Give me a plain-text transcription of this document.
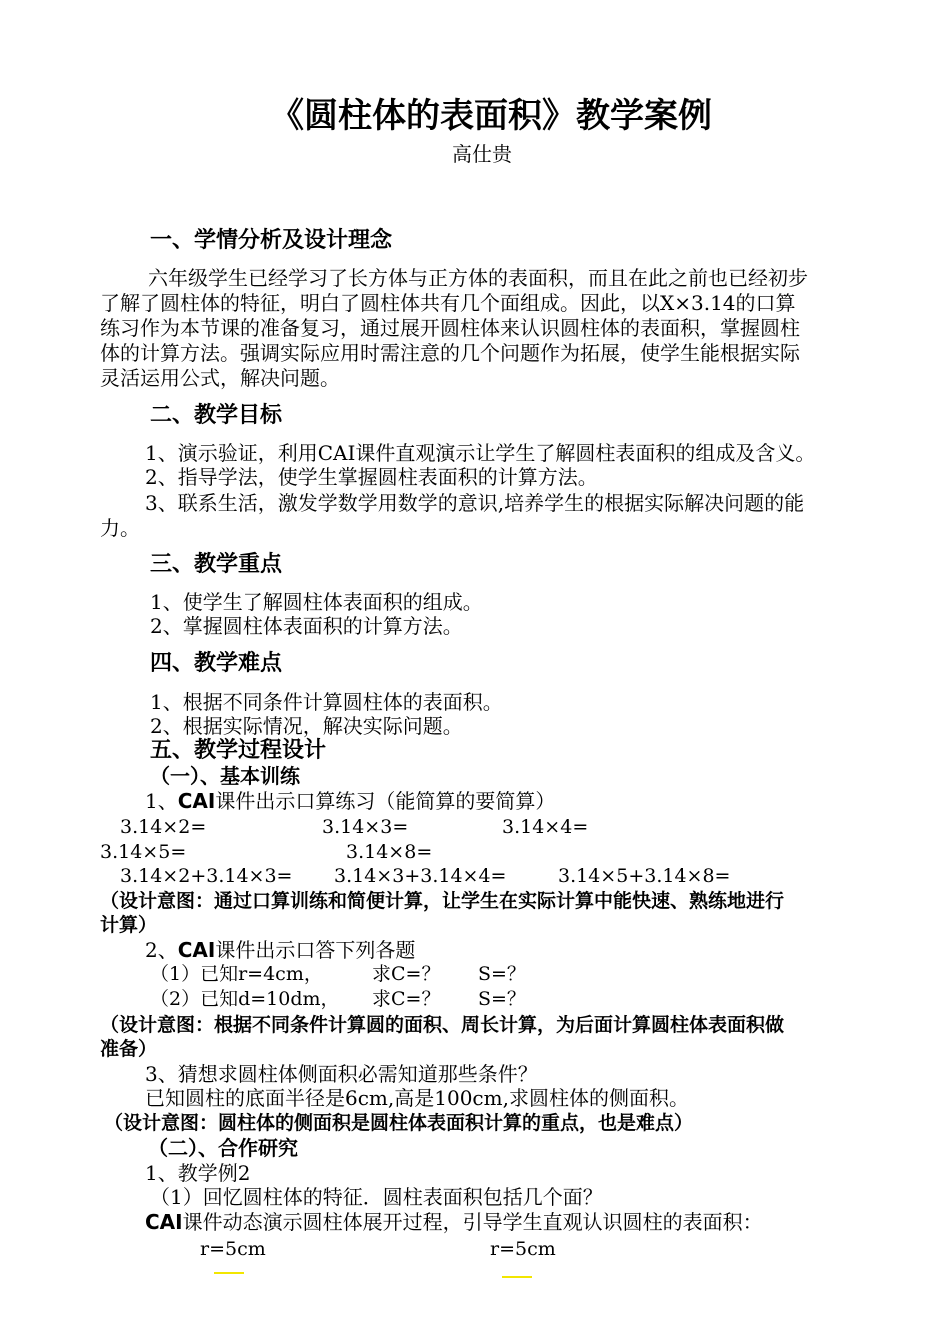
《圆柱体的表面积》教学案例
高仕贵
一、学情分析及设计理念
六年级学生已经学习了长方体与正方体的表面积，而且在此之前也已经初步
了解了圆柱体的特征，明白了圆柱体共有几个面组成。因此，以X×3.14的口算
练习作为本节课的准备复习，通过展开圆柱体来认识圆柱体的表面积，掌握圆柱
体的计算方法。强调实际应用时需注意的几个问题作为拓展，使学生能根据实际
灵活运用公式，解决问题。
二、教学目标
1、演示验证，利用CAI课件直观演示让学生了解圆柱表面积的组成及含义。
2、指导学法，使学生掌握圆柱表面积的计算方法。
3、联系生活，激发学数学用数学的意识,培养学生的根据实际解决问题的能
力。
三、教学重点
1、使学生了解圆柱体表面积的组成。
2、掌握圆柱体表面积的计算方法。
四、教学难点
1、根据不同条件计算圆柱体的表面积。
2、根据实际情况，解决实际问题。
五、教学过程设计
（一）、基本训练
1、CAI课件出示口算练习（能简算的要简算）
3.14×2=	3.14×3=	3.14×4=
3.14×5=	3.14×8=
3.14×2+3.14×3= 3.14×3+3.14×4=	3.14×5+3.14×8=
（设计意图：通过口算训练和简便计算，让学生在实际计算中能快速、熟练地进行
计算）
2、CAI课件出示口答下列各题
（1）已知r=4cm，	求C=？ S=？
（2）已知d=10dm， 求C=？ S=？
（设计意图：根据不同条件计算圆的面积、周长计算，为后面计算圆柱体表面积做
准备）
3、猜想求圆柱体侧面积必需知道那些条件？
已知圆柱的底面半径是6cm,高是100cm,求圆柱体的侧面积。
（设计意图：圆柱体的侧面积是圆柱体表面积计算的重点，也是难点）
（二）、合作研究
1、教学例2
（1）回忆圆柱体的特征．圆柱表面积包括几个面？
CAI课件动态演示圆柱体展开过程，引导学生直观认识圆柱的表面积：
r=5cm	r=5cm
